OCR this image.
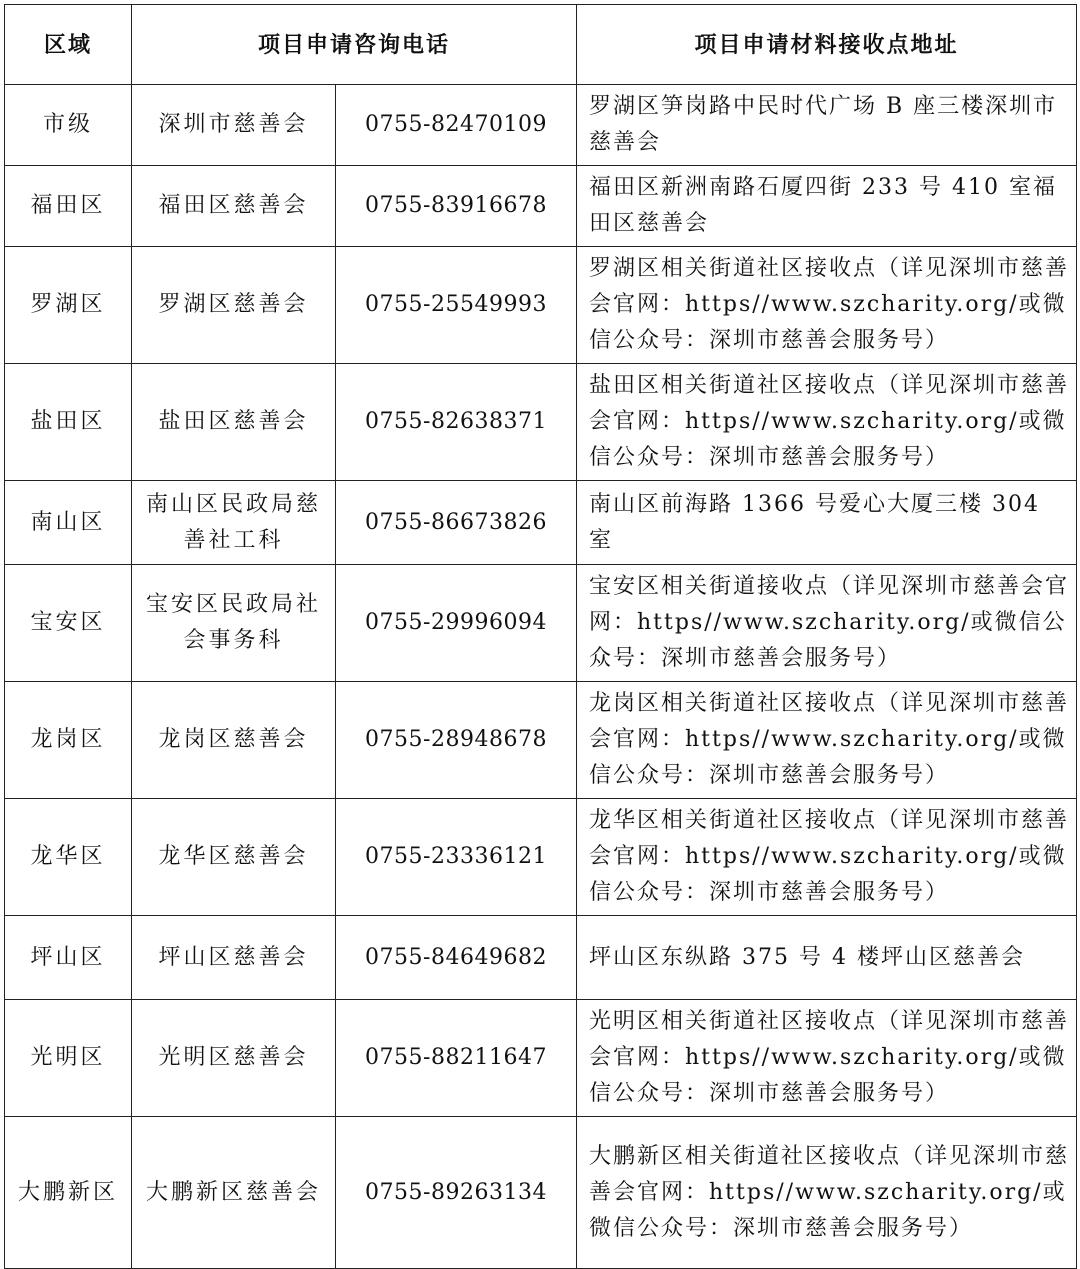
区域	项目申请咨询电话		项目申请材料接收点地址
市级	深圳市慈善会	0755-82470109	罗湖区笋岗路中民时代广场 B 座三楼深圳市慈善会
福田区	福田区慈善会	0755-83916678	福田区新洲南路石厦四街 233 号 410 室福田区慈善会
罗湖区	罗湖区慈善会	0755-25549993	罗湖区相关街道社区接收点（详见深圳市慈善会官网：https//www.szcharity.org/或微信公众号：深圳市慈善会服务号）
盐田区	盐田区慈善会	0755-82638371	盐田区相关街道社区接收点（详见深圳市慈善会官网：https//www.szcharity.org/或微信公众号：深圳市慈善会服务号）
南山区	南山区民政局慈善社工科	0755-86673826	南山区前海路 1366 号爱心大厦三楼 304 室
宝安区	宝安区民政局社会事务科	0755-29996094	宝安区相关街道接收点（详见深圳市慈善会官网：https//www.szcharity.org/或微信公众号：深圳市慈善会服务号）
龙岗区	龙岗区慈善会	0755-28948678	龙岗区相关街道社区接收点（详见深圳市慈善会官网：https//www.szcharity.org/或微信公众号：深圳市慈善会服务号）
龙华区	龙华区慈善会	0755-23336121	龙华区相关街道社区接收点（详见深圳市慈善会官网：https//www.szcharity.org/或微信公众号：深圳市慈善会服务号）
坪山区	坪山区慈善会	0755-84649682	坪山区东纵路 375 号 4 楼坪山区慈善会
光明区	光明区慈善会	0755-88211647	光明区相关街道社区接收点（详见深圳市慈善会官网：https//www.szcharity.org/或微信公众号：深圳市慈善会服务号）
大鹏新区	大鹏新区慈善会	0755-89263134	大鹏新区相关街道社区接收点（详见深圳市慈善会官网：https//www.szcharity.org/或微信公众号：深圳市慈善会服务号）
